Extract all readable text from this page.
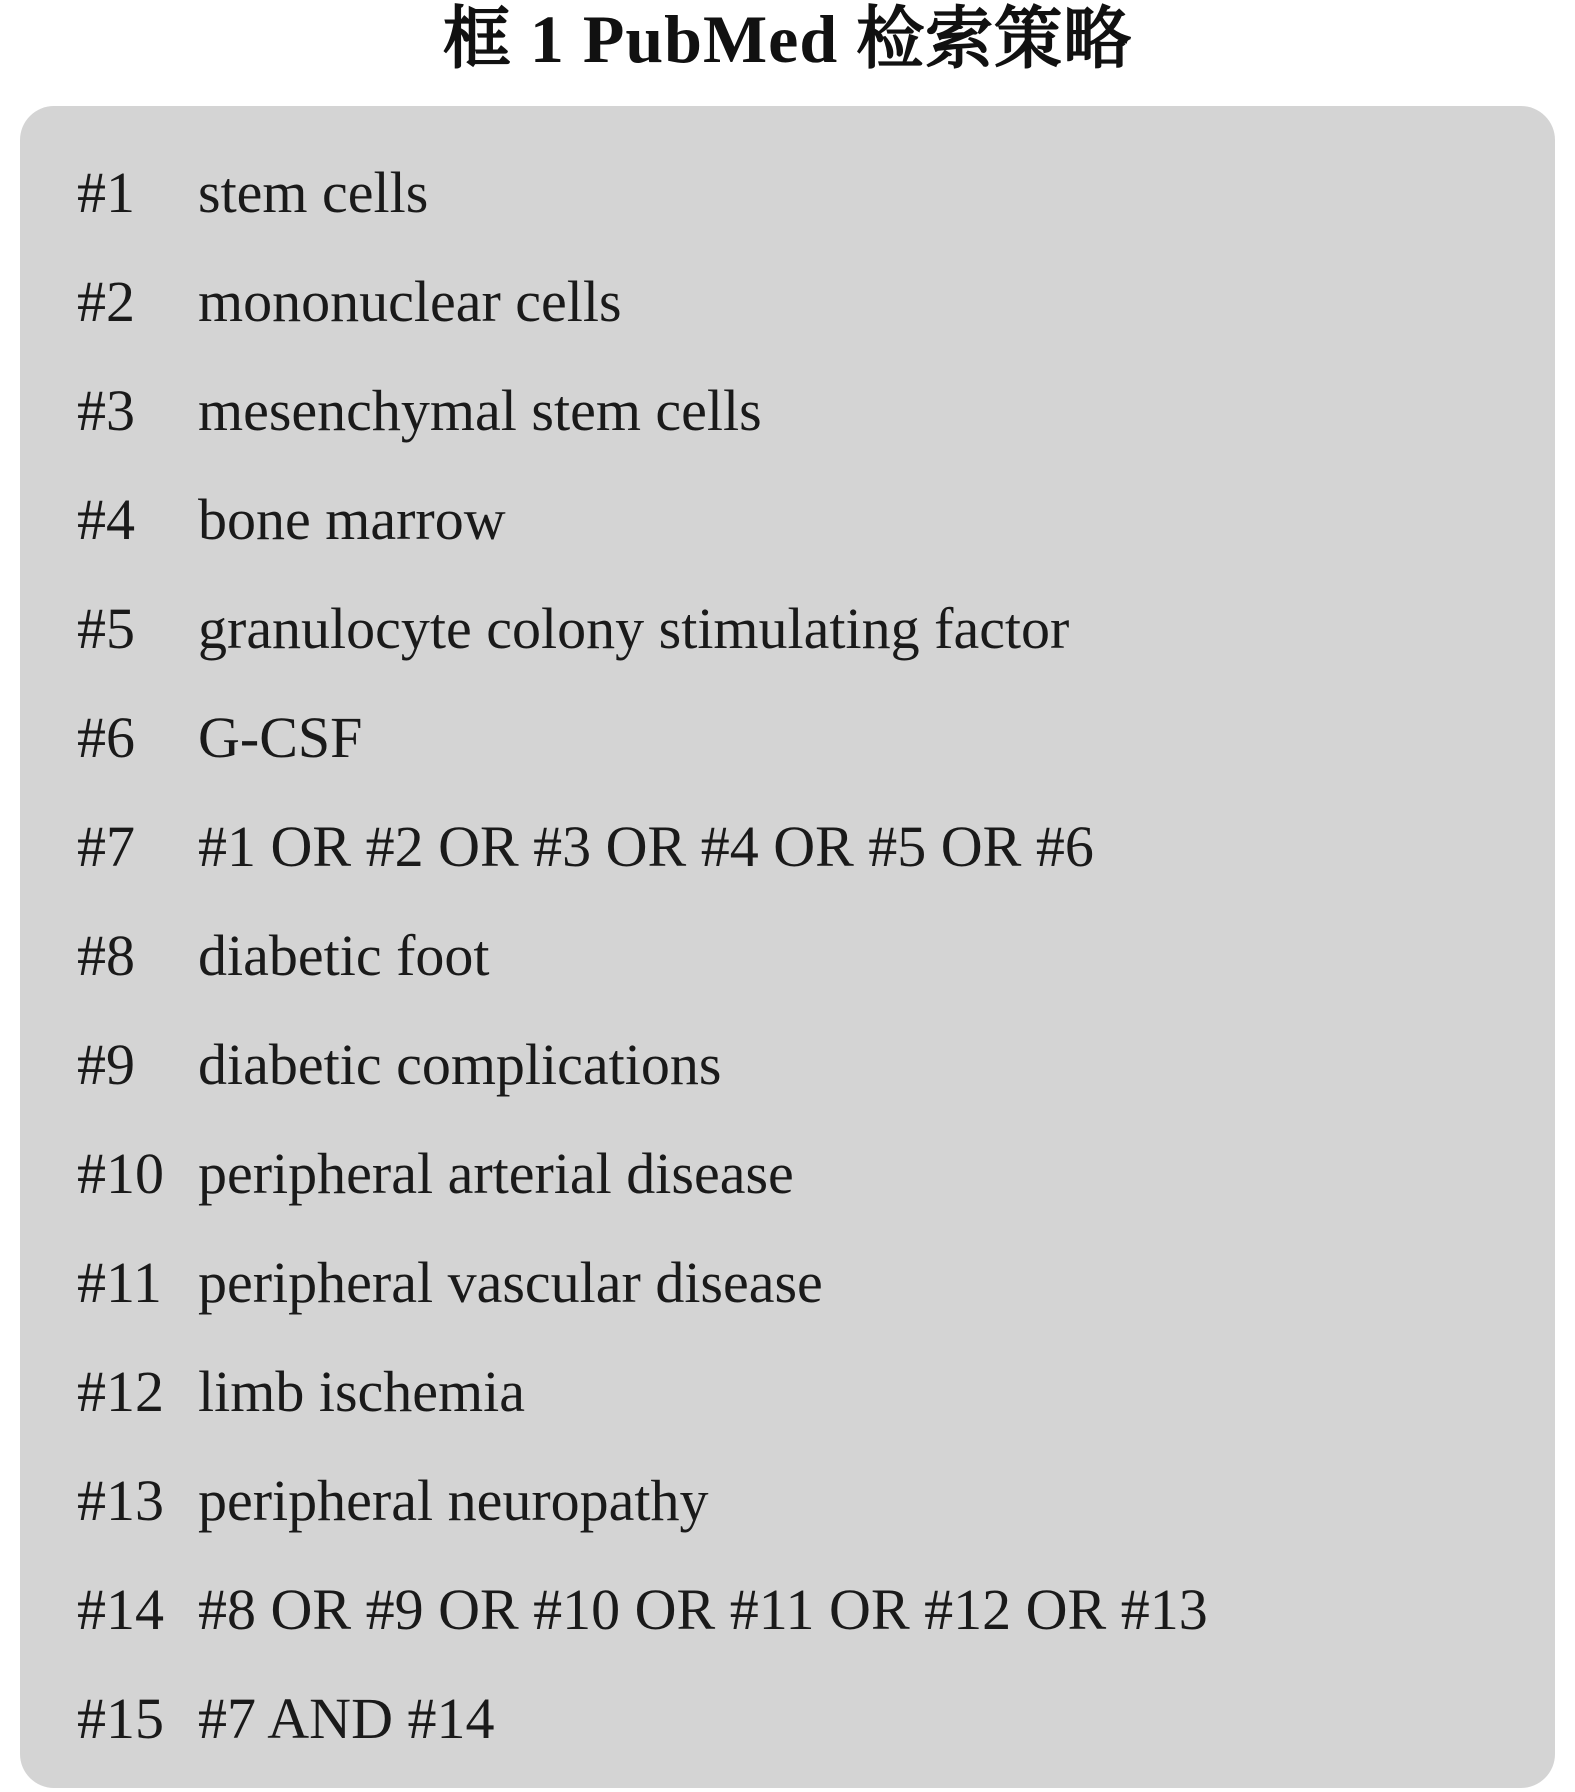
框 1 PubMed 检索策略
#1 stem cells
#2 mononuclear cells
#3 mesenchymal stem cells
#4 bone marrow
#5 granulocyte colony stimulating factor
#6 G-CSF
#7 #1 OR #2 OR #3 OR #4 OR #5 OR #6
#8 diabetic foot
#9 diabetic complications
#10 peripheral arterial disease
#11 peripheral vascular disease
#12 limb ischemia
#13 peripheral neuropathy
#14 #8 OR #9 OR #10 OR #11 OR #12 OR #13
#15 #7 AND #14
